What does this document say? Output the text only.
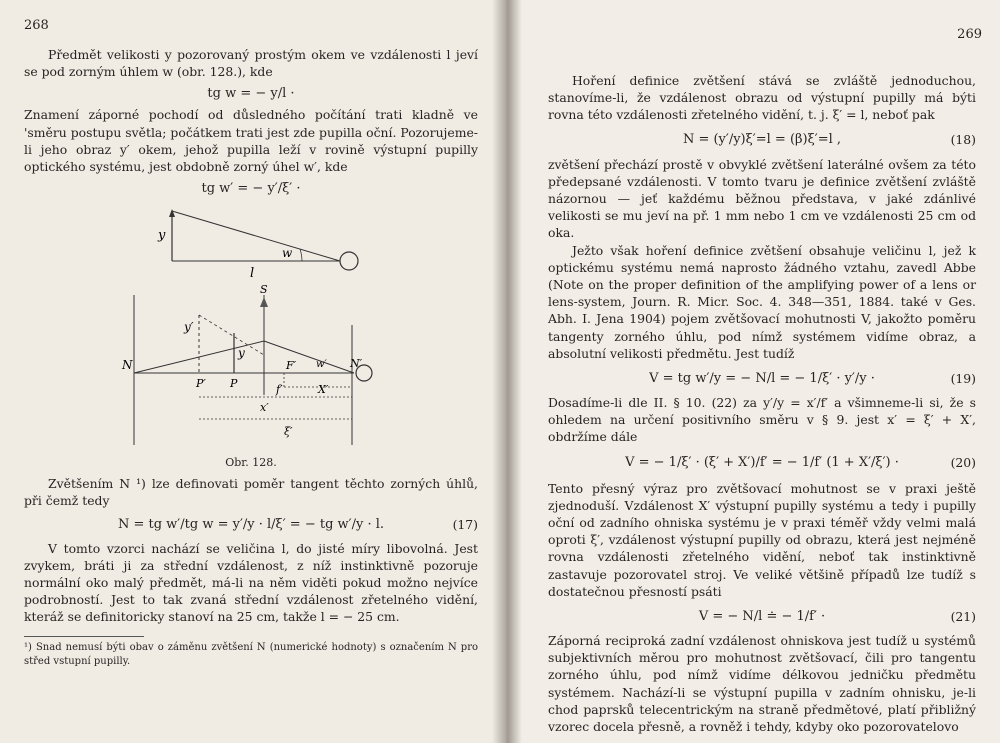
268

Předmět velikosti y pozorovaný prostým okem ve vzdálenosti l jeví se pod zorným úhlem w (obr. 128.), kde

tg w = − y/l ·

Znamení záporné pochodí od důsledného počítání trati kladně ve 'směru postupu světla; počátkem trati jest zde pupilla oční. Pozorujeme-li jeho obraz y′ okem, jehož pupilla leží v rovině výstupní pupilly optického systému, jest obdobně zorný úhel w′, kde

tg w′ = − y′/ξ′ ·
y
w
l

S
y′
N
y
P′ P
F′ w′ N′
f′	X′
x′
ξ′
Obr. 128.

Zvětšením N ¹) lze definovati poměr tangent těchto zorných úhlů, při čemž tedy

N = tg w′/tg w = y′/y · l/ξ′ = − tg w′/y · l.	(17)

V tomto vzorci nachází se veličina l, do jisté míry libovolná. Jest zvykem, bráti ji za střední vzdálenost, z níž instinktivně pozoruje normální oko malý předmět, má-li na něm viděti pokud možno nejvíce podrobností. Jest to tak zvaná střední vzdálenost zřetelného vidění, kteráž se definitoricky stanoví na 25 cm, takže l = − 25 cm.

¹) Snad nemusí býti obav o záměnu zvětšení N (numerické hodnoty) s označením N pro střed vstupní pupilly.

269

Hoření definice zvětšení stává se zvláště jednoduchou, stanovíme-li, že vzdálenost obrazu od výstupní pupilly má býti rovna této vzdálenosti zřetelného vidění, t. j. ξ′ = l, neboť pak

N = (y′/y)ξ′=l = (β)ξ′=l ,	(18)

zvětšení přechází prostě v obvyklé zvětšení laterálné ovšem za této předepsané vzdálenosti. V tomto tvaru je definice zvětšení zvláště názornou — jeť každému běžnou představa, v jaké zdánlivé velikosti se mu jeví na př. 1 mm nebo 1 cm ve vzdálenosti 25 cm od oka.

Ježto však hoření definice zvětšení obsahuje veličinu l, jež k optickému systému nemá naprosto žádného vztahu, zavedl Abbe (Note on the proper definition of the amplifying power of a lens or lens-system, Journ. R. Micr. Soc. 4. 348—351, 1884. také v Ges. Abh. I. Jena 1904) pojem zvětšovací mohutnosti V, jakožto poměru tangenty zorného úhlu, pod nímž systémem vidíme obraz, a absolutní velikosti předmětu. Jest tudíž

V = tg w′/y = − N/l = − 1/ξ′ · y′/y ·	(19)

Dosadíme-li dle II. § 10. (22) za y′/y = x′/f′ a všimneme-li si, že s ohledem na určení positivního směru v § 9. jest x′ = ξ′ + X′, obdržíme dále

V = − 1/ξ′ · (ξ′ + X′)/f′ = − 1/f′ (1 + X′/ξ′) ·	(20)

Tento přesný výraz pro zvětšovací mohutnost se v praxi ještě zjednoduší. Vzdálenost X′ výstupní pupilly systému a tedy i pupilly oční od zadního ohniska systému je v praxi téměř vždy velmi malá oproti ξ′, vzdálenost výstupní pupilly od obrazu, která jest nejméně rovna vzdálenosti zřetelného vidění, neboť tak instinktivně zastavuje pozorovatel stroj. Ve veliké většině případů lze tudíž s dostatečnou přesností psáti

V = − N/l ≐ − 1/f′ ·	(21)

Záporná reciproká zadní vzdálenost ohniskova jest tudíž u systémů subjektivních měrou pro mohutnost zvětšovací, čili pro tangentu zorného úhlu, pod nímž vidíme délkovou jedničku předmětu systémem. Nachází-li se výstupní pupilla v zadním ohnisku, je-li chod paprsků telecentrickým na straně předmětové, platí přibližný vzorec docela přesně, a rovněž i tehdy, kdyby oko pozorovatelovo
